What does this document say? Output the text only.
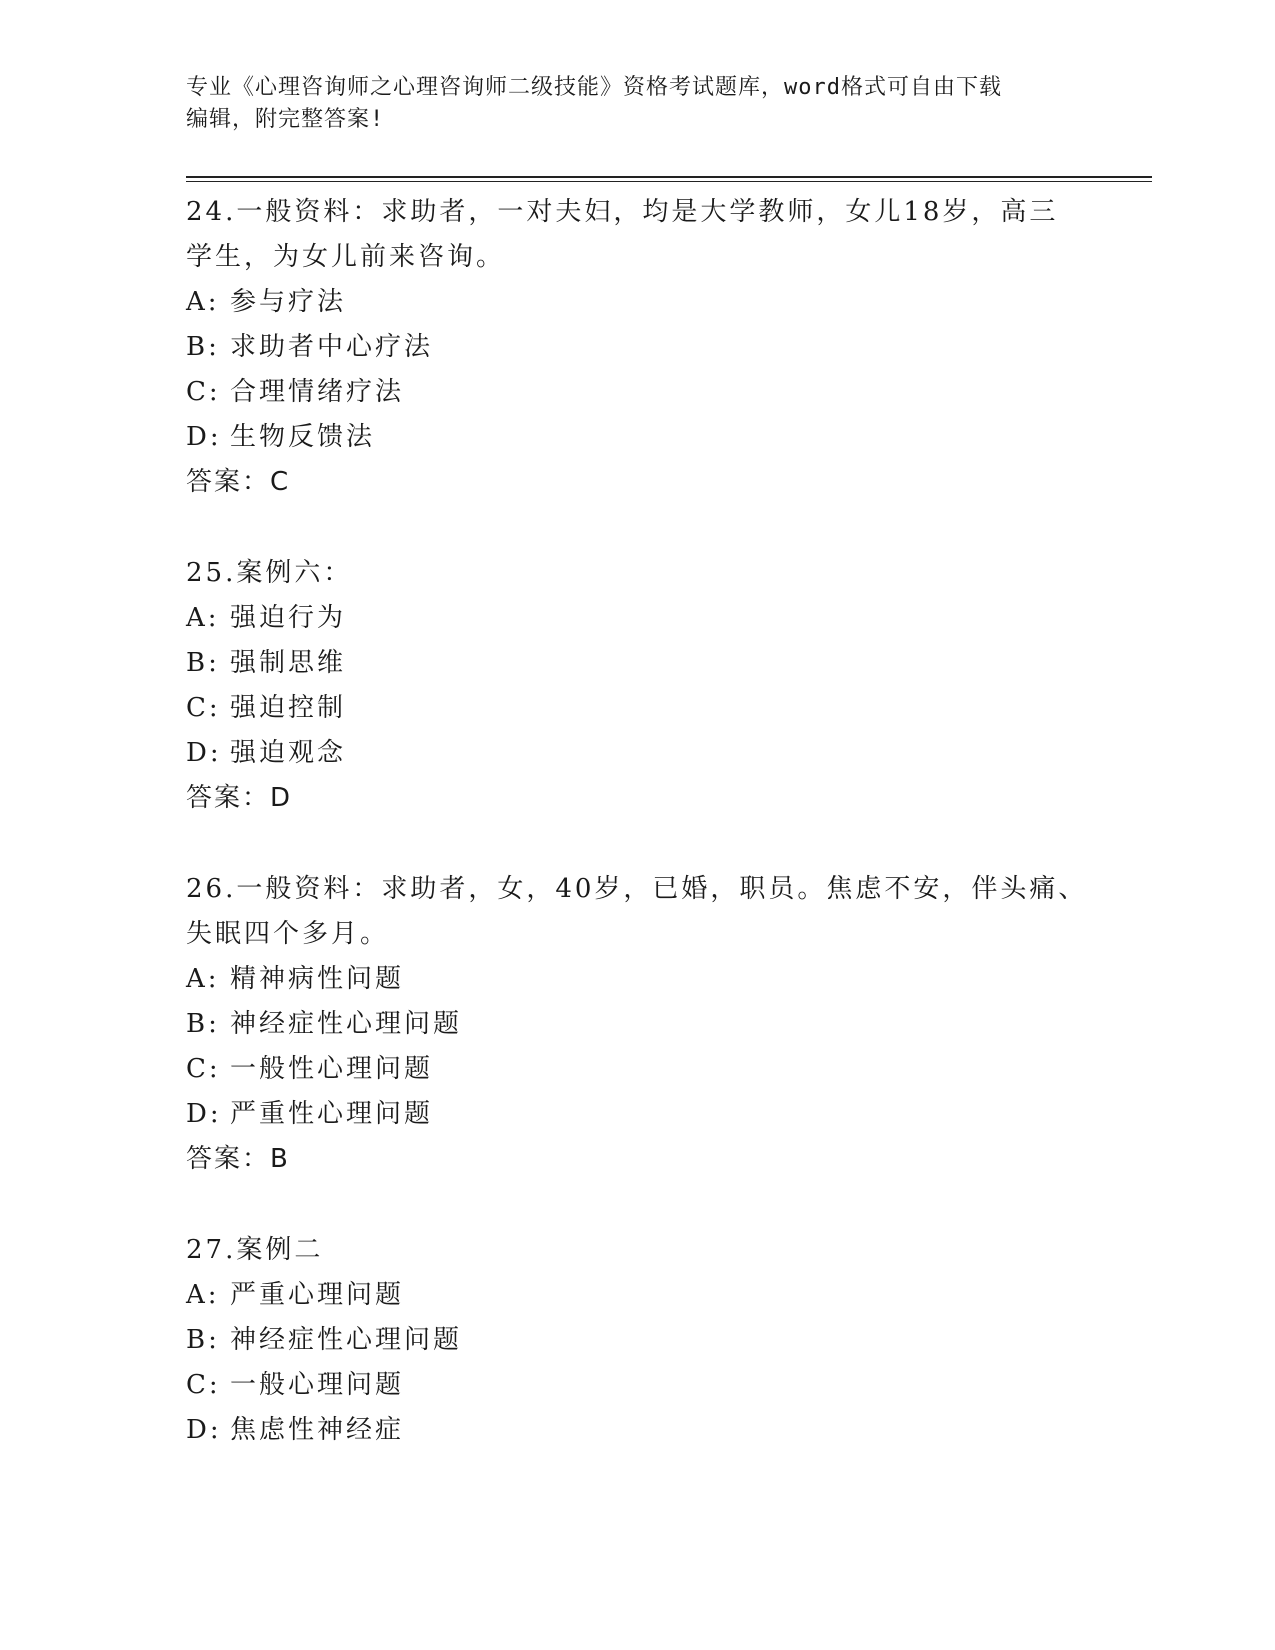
专业《心理咨询师之心理咨询师二级技能》资格考试题库，word格式可自由下载
编辑，附完整答案!

24.一般资料：求助者，一对夫妇，均是大学教师，女儿18岁，高三

学生，为女儿前来咨询。

A: 参与疗法

B: 求助者中心疗法

C: 合理情绪疗法

D: 生物反馈法

答案：C

25.案例六：

A: 强迫行为

B: 强制思维

C: 强迫控制

D: 强迫观念

答案：D

26.一般资料：求助者，女，40岁，已婚，职员。焦虑不安，伴头痛、

失眠四个多月。

A: 精神病性问题

B: 神经症性心理问题

C: 一般性心理问题

D: 严重性心理问题

答案：B

27.案例二

A: 严重心理问题

B: 神经症性心理问题

C: 一般心理问题

D: 焦虑性神经症
